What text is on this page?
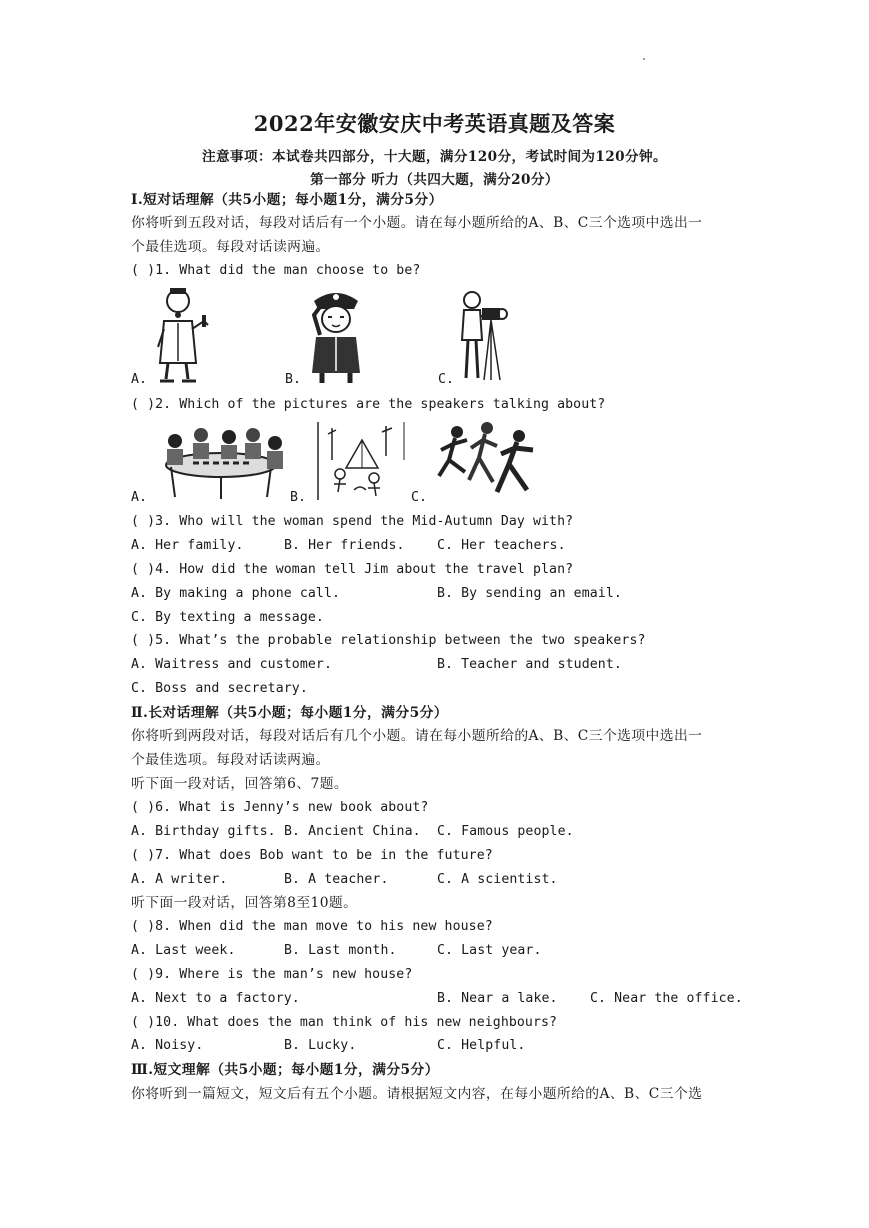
2022年安徽安庆中考英语真题及答案
注意事项：本试卷共四部分，十大题，满分120分，考试时间为120分钟。
第一部分 听力（共四大题，满分20分）
Ⅰ.短对话理解（共5小题；每小题1分，满分5分）
你将听到五段对话，每段对话后有一个小题。请在每小题所给的A、B、C三个选项中选出一
个最佳选项。每段对话读两遍。
( )1. What did the man choose to be?
A.	B.	C.
( )2. Which of the pictures are the speakers talking about?
A.	B.	C.
( )3. Who will the woman spend the Mid-Autumn Day with?
A. Her family.	B. Her friends. C. Her teachers.
( )4. How did the woman tell Jim about the travel plan?
A. By making a phone call.	B. By sending an email.
C. By texting a message.
( )5. What’s the probable relationship between the two speakers?
A. Waitress and customer.	B. Teacher and student.
C. Boss and secretary.
Ⅱ.长对话理解（共5小题；每小题1分，满分5分）
你将听到两段对话，每段对话后有几个小题。请在每小题所给的A、B、C三个选项中选出一
个最佳选项。每段对话读两遍。
听下面一段对话，回答第6、7题。
( )6. What is Jenny’s new book about?
A. Birthday gifts. B. Ancient China. C. Famous people.
( )7. What does Bob want to be in the future?
A. A writer.	B. A teacher.	C. A scientist.
听下面一段对话，回答第8至10题。
( )8. When did the man move to his new house?
A. Last week.	B. Last month.	C. Last year.
( )9. Where is the man’s new house?
A. Next to a factory.	B. Near a lake. C. Near the office.
( )10. What does the man think of his new neighbours?
A. Noisy.	B. Lucky.	C. Helpful.
Ⅲ.短文理解（共5小题；每小题1分，满分5分）
你将听到一篇短文，短文后有五个小题。请根据短文内容，在每小题所给的A、B、C三个选
